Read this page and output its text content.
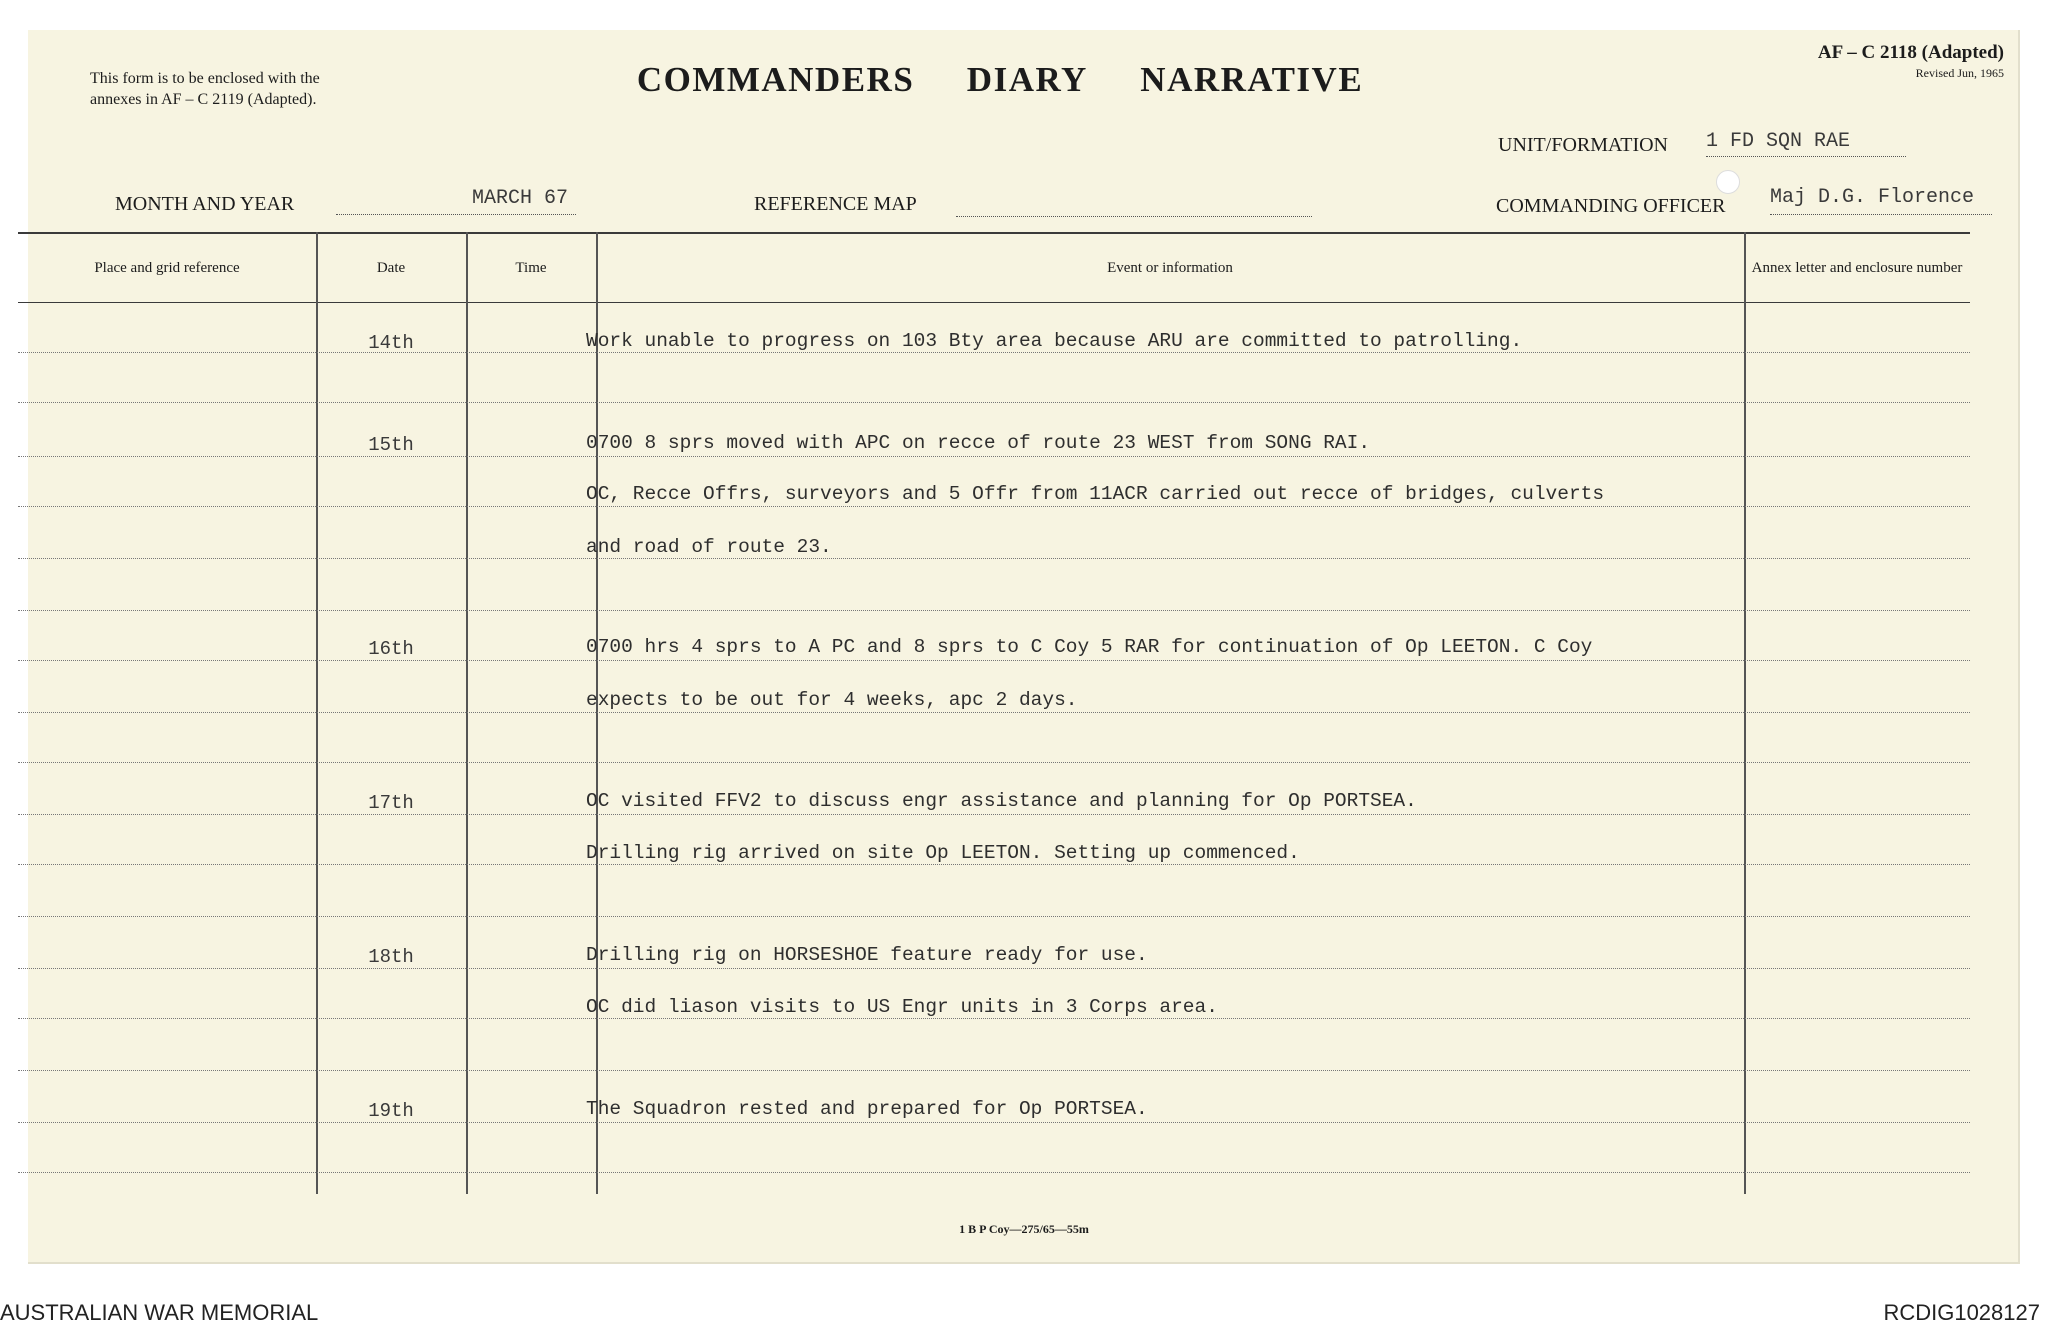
This form is to be enclosed with the
annexes in AF – C 2119 (Adapted).
COMMANDERS DIARY NARRATIVE
AF – C 2118 (Adapted)
Revised Jun, 1965
UNIT/FORMATION 1 FD SQN RAE
MONTH AND YEAR	MARCH 67	REFERENCE MAP	COMMANDING OFFICER Maj D.G. Florence
Place and grid reference	Date	Time	Event or information	Annex letter and enclosure number
14th	Work unable to progress on 103 Bty area because ARU are committed to patrolling.
15th	0700 8 sprs moved with APC on recce of route 23 WEST from SONG RAI.
OC, Recce Offrs, surveyors and 5 Offr from 11ACR carried out recce of bridges, culverts
and road of route 23.
16th	0700 hrs 4 sprs to A PC and 8 sprs to C Coy 5 RAR for continuation of Op LEETON. C Coy
expects to be out for 4 weeks, apc 2 days.
17th	OC visited FFV2 to discuss engr assistance and planning for Op PORTSEA.
Drilling rig arrived on site Op LEETON. Setting up commenced.
18th	Drilling rig on HORSESHOE feature ready for use.
OC did liason visits to US Engr units in 3 Corps area.
19th	The Squadron rested and prepared for Op PORTSEA.
1 B P Coy—275/65—55m
AUSTRALIAN WAR MEMORIAL	RCDIG1028127
